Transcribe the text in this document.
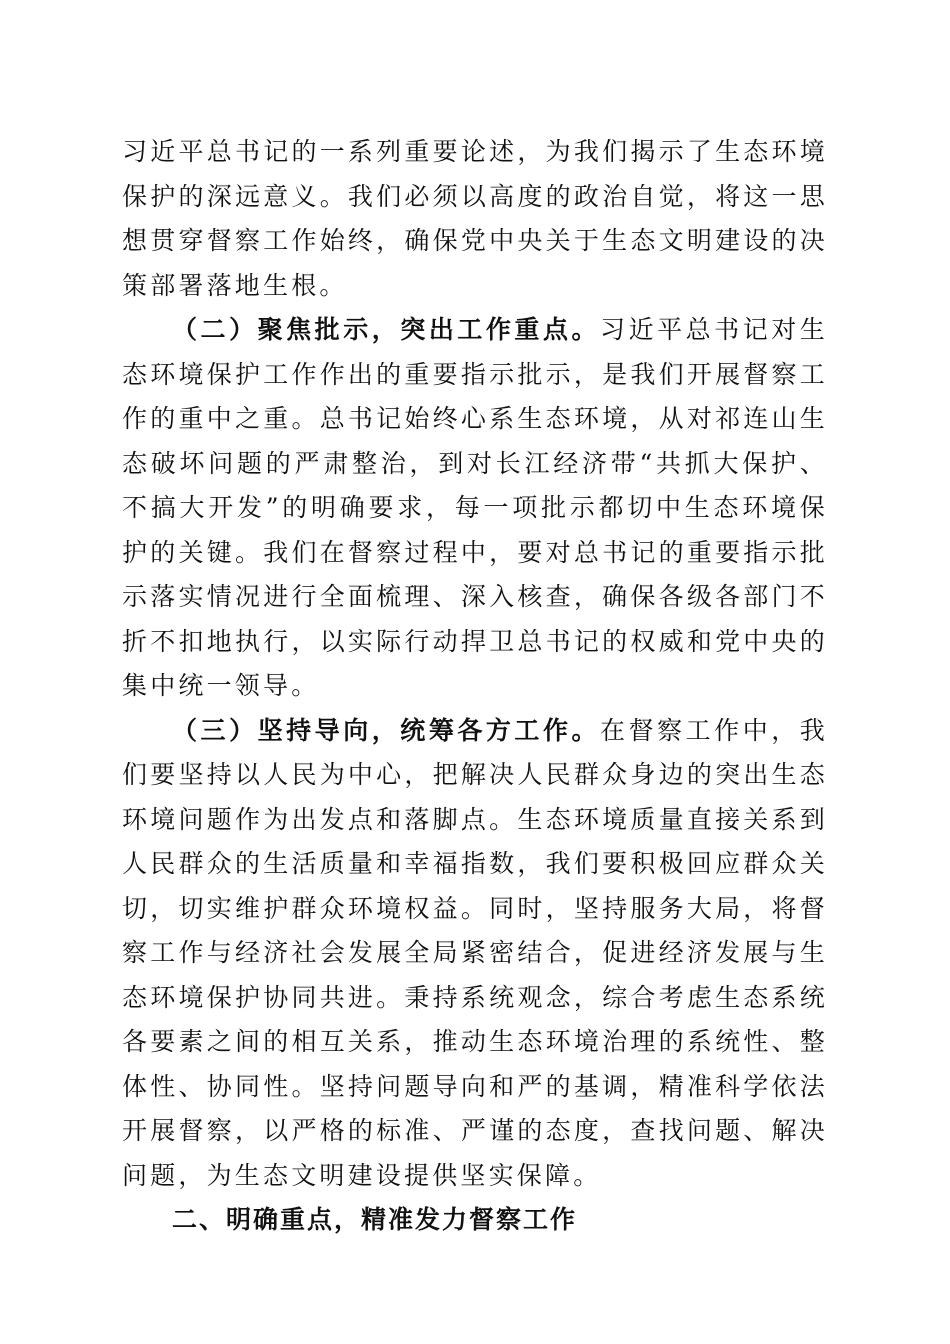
习近平总书记的一系列重要论述，为我们揭示了生态环境保护的深远意义。我们必须以高度的政治自觉，将这一思想贯穿督察工作始终，确保党中央关于生态文明建设的决策部署落地生根。

（二）聚焦批示，突出工作重点。习近平总书记对生态环境保护工作作出的重要指示批示，是我们开展督察工作的重中之重。总书记始终心系生态环境，从对祁连山生态破坏问题的严肃整治，到对长江经济带“共抓大保护、不搞大开发”的明确要求，每一项批示都切中生态环境保护的关键。我们在督察过程中，要对总书记的重要指示批示落实情况进行全面梳理、深入核查，确保各级各部门不折不扣地执行，以实际行动捍卫总书记的权威和党中央的集中统一领导。

（三）坚持导向，统筹各方工作。在督察工作中，我们要坚持以人民为中心，把解决人民群众身边的突出生态环境问题作为出发点和落脚点。生态环境质量直接关系到人民群众的生活质量和幸福指数，我们要积极回应群众关切，切实维护群众环境权益。同时，坚持服务大局，将督察工作与经济社会发展全局紧密结合，促进经济发展与生态环境保护协同共进。秉持系统观念，综合考虑生态系统各要素之间的相互关系，推动生态环境治理的系统性、整体性、协同性。坚持问题导向和严的基调，精准科学依法开展督察，以严格的标准、严谨的态度，查找问题、解决问题，为生态文明建设提供坚实保障。

二、明确重点，精准发力督察工作
